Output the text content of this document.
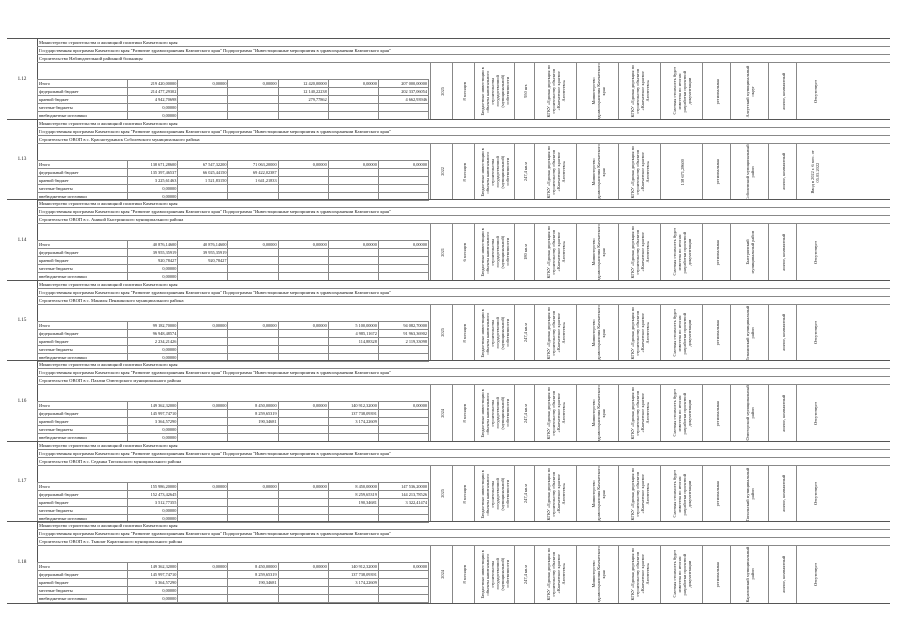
1.12
Министерство строительства и жилищной политики Камчатского края
Государственная программа Камчатского края "Развитие здравоохранения Камчатского края" Подпрограмма "Инвестиционные мероприятия в здравоохранении Камчатского края"
Строительство Наблюдательной районной больницы
Итого	219 420,00000	0,00000	0,00000	12 420,00000	0,00000	207 000,00000
федеральный бюджет	214 477,29302			12 140,22238		202 337,06054
краевой бюджет	4 942,70698			279,77862		4 662,93946
местные бюджеты	0,00000					
внебюджетные источники	0,00000					
2025	8 месяцев	Бюджетные инвестиции в объекты капитального строительства государственной (муниципальной) собственности	950 шт.	КГКУ «Единая дирекция по строительству объектов «Камчатское краевое Агентство»	Министерство здравоохранения Камчатского края	КГКУ «Единая дирекция по строительству объектов «Камчатское краевое Агентство»	Сметная стоимость будет известна по итогам разработки проектной документации	региональная	Алеутский муниципальный округ	жилое, компактный	Отсутствует
1.13
Министерство строительства и жилищной политики Камчатского края
Государственная программа Камчатского края "Развитие здравоохранения Камчатского края" Подпрограмма "Инвестиционные мероприятия в здравоохранении Камчатского края"
Строительство ОВОП в с. Краснотурьинск Соболевского муниципального района
Итого	138 671,28600	67 547,32200	71 063,20000	0,00000	0,00000	0,00000
федеральный бюджет	135 397,46537	66 025,44150	69 422,02387			
краевой бюджет	3 225,61463	1 521,83150	1 641,21833			
местные бюджеты	0,00000					
внебюджетные источники	0,00000					
2022	8 месяцев	Бюджетные инвестиции в объекты капитального строительства государственной (муниципальной) собственности	247,4 кв.м	КГКУ «Единая дирекция по строительству объектов «Камчатское краевое Агентство»	Министерство здравоохранения Камчатского края	КГКУ «Единая дирекция по строительству объектов «Камчатское краевое Агентство»	138 671,28600	региональная	Соболевский муниципальный район	жилое, компактный	Ввод в 2022 г. 6 мес. от 05.05.2022
1.14
Министерство строительства и жилищной политики Камчатского края
Государственная программа Камчатского края "Развитие здравоохранения Камчатского края" Подпрограмма "Инвестиционные мероприятия в здравоохранении Камчатского края"
Строительство ОВОП в с. Аникой Быстринского муниципального района
Итого	40 876,14600	40 876,14600	0,00000	0,00000	0,00000	0,00000
федеральный бюджет	39 955,35919	39 955,35919				
краевой бюджет	920,78427	920,78427				
местные бюджеты	0,00000					
внебюджетные источники	0,00000					
2021	6 месяцев	Бюджетные инвестиции в объекты капитального строительства государственной (муниципальной) собственности	180 кв.м	КГКУ «Единая дирекция по строительству объектов «Камчатское краевое Агентство»	Министерство здравоохранения Камчатского края	КГКУ «Единая дирекция по строительству объектов «Камчатское краевое Агентство»	Сметная стоимость будет известна по итогам разработки проектной документации	региональная	Быстринский муниципальный район	жилое, компактный	Отсутствует
1.15
Министерство строительства и жилищной политики Камчатского края
Государственная программа Камчатского края "Развитие здравоохранения Камчатского края" Подпрограмма "Инвестиционные мероприятия в здравоохранении Камчатского края"
Строительство ОВОП в с. Манилы Пенжинского муниципального района
Итого	99 182,70000	0,00000	0,00000	0,00000	5 100,00000	94 082,70000
федеральный бюджет	96 948,48574				4 985,11672	91 963,36902
краевой бюджет	2 234,21426				114,88328	2 119,33098
местные бюджеты	0,00000					
внебюджетные источники	0,00000					
2025	8 месяцев	Бюджетные инвестиции в объекты капитального строительства государственной (муниципальной) собственности	247,4 кв.м	КГКУ «Единая дирекция по строительству объектов «Камчатское краевое Агентство»	Министерство здравоохранения Камчатского края	КГКУ «Единая дирекция по строительству объектов «Камчатское краевое Агентство»	Сметная стоимость будет известна по итогам разработки проектной документации	региональная	Пенжинский муниципальный район	жилое, компактный	Отсутствует
1.16
Министерство строительства и жилищной политики Камчатского края
Государственная программа Камчатского края "Развитие здравоохранения Камчатского края" Подпрограмма "Инвестиционные мероприятия в здравоохранении Камчатского края"
Строительство ОВОП в с. Пахачи Олюторского муниципального района
Итого	149 362,32000	0,00000	8 450,00000	0,00000	140 912,32000	0,00000
федеральный бюджет	145 997,74710		8 259,65319		137 738,09391	
краевой бюджет	3 364,57290		190,34681		3 174,22609	
местные бюджеты	0,00000					
внебюджетные источники	0,00000					
2024	8 месяцев	Бюджетные инвестиции в объекты капитального строительства государственной (муниципальной) собственности	247,4 кв.м	КГКУ «Единая дирекция по строительству объектов «Камчатское краевое Агентство»	Министерство здравоохранения Камчатского края	КГКУ «Единая дирекция по строительству объектов «Камчатское краевое Агентство»	Сметная стоимость будет известна по итогам разработки проектной документации	региональная	Олюторский муниципальный район	жилое, компактный	Отсутствует
1.17
Министерство строительства и жилищной политики Камчатского края
Государственная программа Камчатского края "Развитие здравоохранения Камчатского края" Подпрограмма "Инвестиционные мероприятия в здравоохранении Камчатского края"
Строительство ОВОП в с. Седанка Тигильского муниципального района
Итого	155 986,20000	0,00000	0,00000	0,00000	8 450,00000	147 536,20000
федеральный бюджет	152 473,42645				8 259,65319	144 213,78526
краевой бюджет	3 512,77355				190,34681	3 322,41474
местные бюджеты	0,00000					
внебюджетные источники	0,00000					
2025	8 месяцев	Бюджетные инвестиции в объекты капитального строительства государственной (муниципальной) собственности	247,4 кв.м	КГКУ «Единая дирекция по строительству объектов «Камчатское краевое Агентство»	Министерство здравоохранения Камчатского края	КГКУ «Единая дирекция по строительству объектов «Камчатское краевое Агентство»	Сметная стоимость будет известна по итогам разработки проектной документации	региональная	Тигильский муниципальный район	жилое, компактный	Отсутствует
1.18
Министерство строительства и жилищной политики Камчатского края
Государственная программа Камчатского края "Развитие здравоохранения Камчатского края" Подпрограмма "Инвестиционные мероприятия в здравоохранении Камчатского края"
Строительство ОВОП в с. Тымлат Карагинского муниципального района
Итого	149 362,32000	0,00000	8 450,00000	0,00000	140 912,32000	0,00000
федеральный бюджет	145 997,74710		8 259,65319		137 738,09391	
краевой бюджет	3 364,57290		190,34681		3 174,22609	
местные бюджеты	0,00000					
внебюджетные источники	0,00000					
2024	8 месяцев	Бюджетные инвестиции в объекты капитального строительства государственной (муниципальной) собственности	247,4 кв.м	КГКУ «Единая дирекция по строительству объектов «Камчатское краевое Агентство»	Министерство здравоохранения Камчатского края	КГКУ «Единая дирекция по строительству объектов «Камчатское краевое Агентство»	Сметная стоимость будет известна по итогам разработки проектной документации	региональная	Карагинский муниципальный район	жилое, компактный	Отсутствует
